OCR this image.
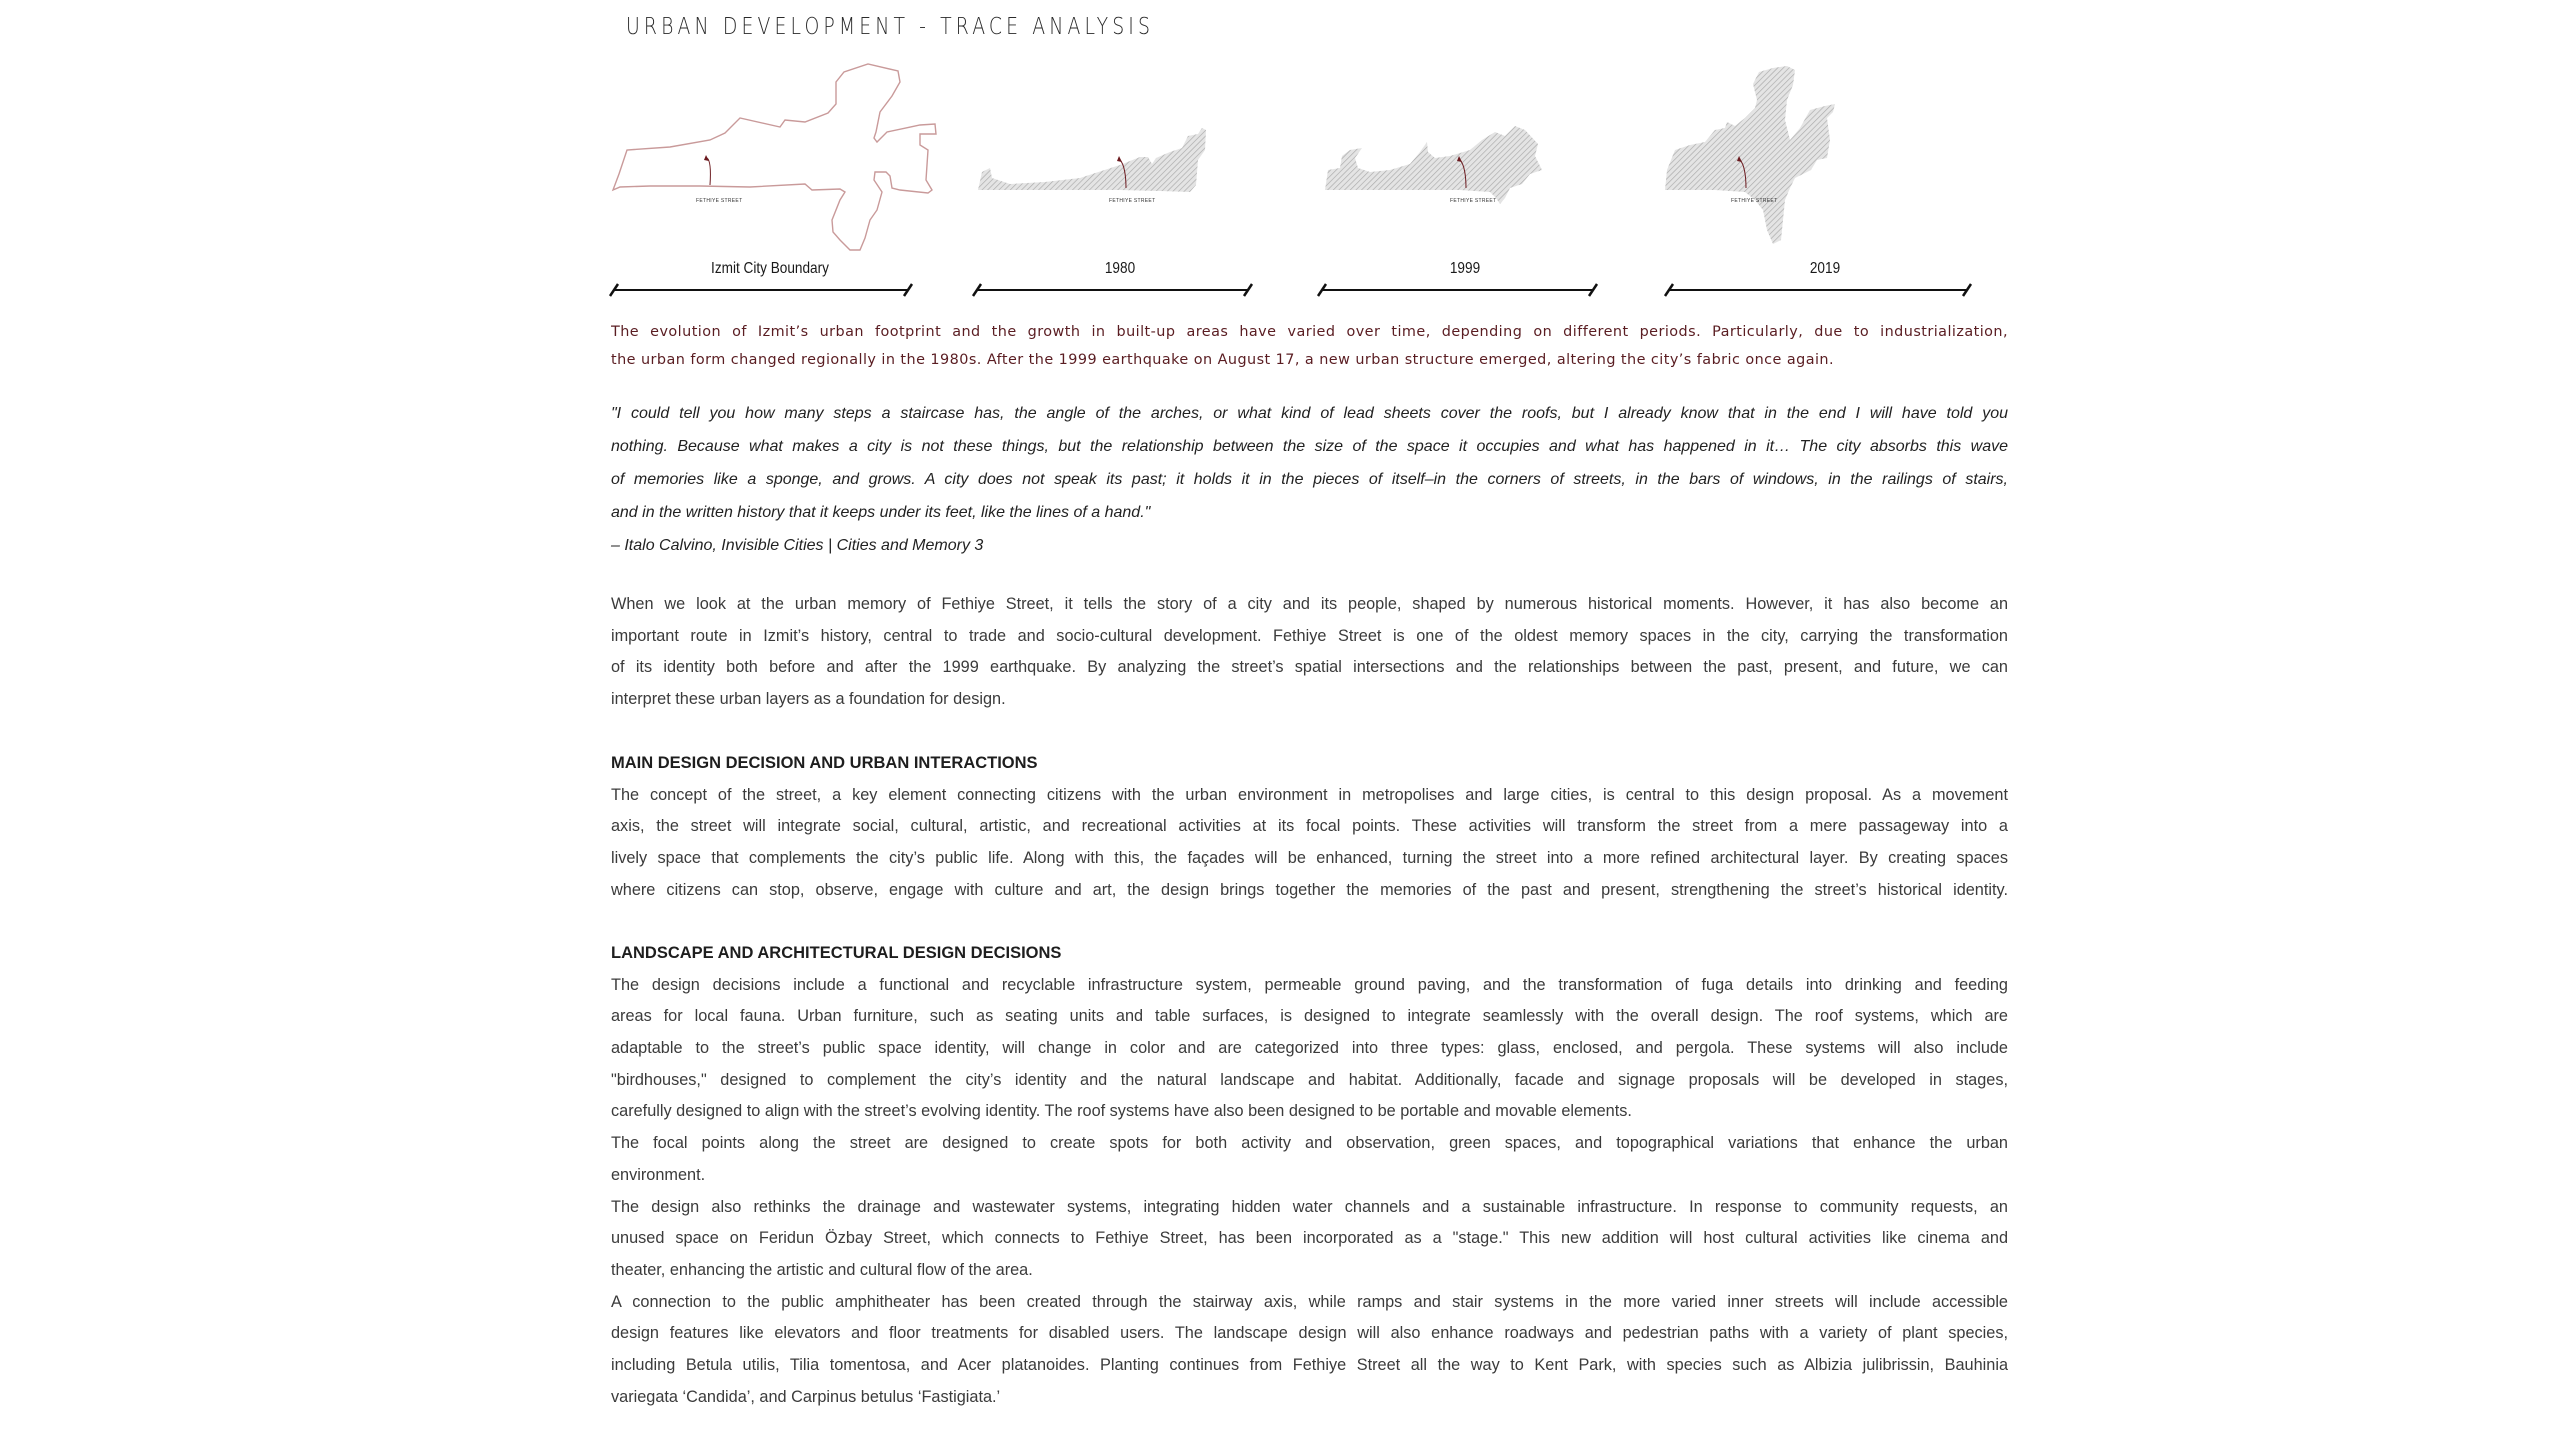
URBAN DEVELOPMENT - TRACE ANALYSIS
FETHIYE STREET
Izmit City Boundary
FETHIYE STREET
1980
FETHIYE STREET
1999
FETHIYE STREET
2019
The evolution of Izmit’s urban footprint and the growth in built-up areas have varied over time, depending on different periods. Particularly, due to industrialization,
the urban form changed regionally in the 1980s. After the 1999 earthquake on August 17, a new urban structure emerged, altering the city’s fabric once again.
"I could tell you how many steps a staircase has, the angle of the arches, or what kind of lead sheets cover the roofs, but I already know that in the end I will have told you
nothing. Because what makes a city is not these things, but the relationship between the size of the space it occupies and what has happened in it… The city absorbs this wave
of memories like a sponge, and grows. A city does not speak its past; it holds it in the pieces of itself–in the corners of streets, in the bars of windows, in the railings of stairs,
and in the written history that it keeps under its feet, like the lines of a hand."
– Italo Calvino, Invisible Cities | Cities and Memory 3
When we look at the urban memory of Fethiye Street, it tells the story of a city and its people, shaped by numerous historical moments. However, it has also become an
important route in Izmit’s history, central to trade and socio-cultural development. Fethiye Street is one of the oldest memory spaces in the city, carrying the transformation
of its identity both before and after the 1999 earthquake. By analyzing the street’s spatial intersections and the relationships between the past, present, and future, we can
interpret these urban layers as a foundation for design.
MAIN DESIGN DECISION AND URBAN INTERACTIONS
The concept of the street, a key element connecting citizens with the urban environment in metropolises and large cities, is central to this design proposal. As a movement
axis, the street will integrate social, cultural, artistic, and recreational activities at its focal points. These activities will transform the street from a mere passageway into a
lively space that complements the city’s public life. Along with this, the façades will be enhanced, turning the street into a more refined architectural layer. By creating spaces
where citizens can stop, observe, engage with culture and art, the design brings together the memories of the past and present, strengthening the street’s historical identity.
LANDSCAPE AND ARCHITECTURAL DESIGN DECISIONS
The design decisions include a functional and recyclable infrastructure system, permeable ground paving, and the transformation of fuga details into drinking and feeding
areas for local fauna. Urban furniture, such as seating units and table surfaces, is designed to integrate seamlessly with the overall design. The roof systems, which are
adaptable to the street’s public space identity, will change in color and are categorized into three types: glass, enclosed, and pergola. These systems will also include
"birdhouses," designed to complement the city’s identity and the natural landscape and habitat. Additionally, facade and signage proposals will be developed in stages,
carefully designed to align with the street’s evolving identity. The roof systems have also been designed to be portable and movable elements.
The focal points along the street are designed to create spots for both activity and observation, green spaces, and topographical variations that enhance the urban
environment.
The design also rethinks the drainage and wastewater systems, integrating hidden water channels and a sustainable infrastructure. In response to community requests, an
unused space on Feridun Özbay Street, which connects to Fethiye Street, has been incorporated as a "stage." This new addition will host cultural activities like cinema and
theater, enhancing the artistic and cultural flow of the area.
A connection to the public amphitheater has been created through the stairway axis, while ramps and stair systems in the more varied inner streets will include accessible
design features like elevators and floor treatments for disabled users. The landscape design will also enhance roadways and pedestrian paths with a variety of plant species,
including Betula utilis, Tilia tomentosa, and Acer platanoides. Planting continues from Fethiye Street all the way to Kent Park, with species such as Albizia julibrissin, Bauhinia
variegata ‘Candida’, and Carpinus betulus ‘Fastigiata.’
